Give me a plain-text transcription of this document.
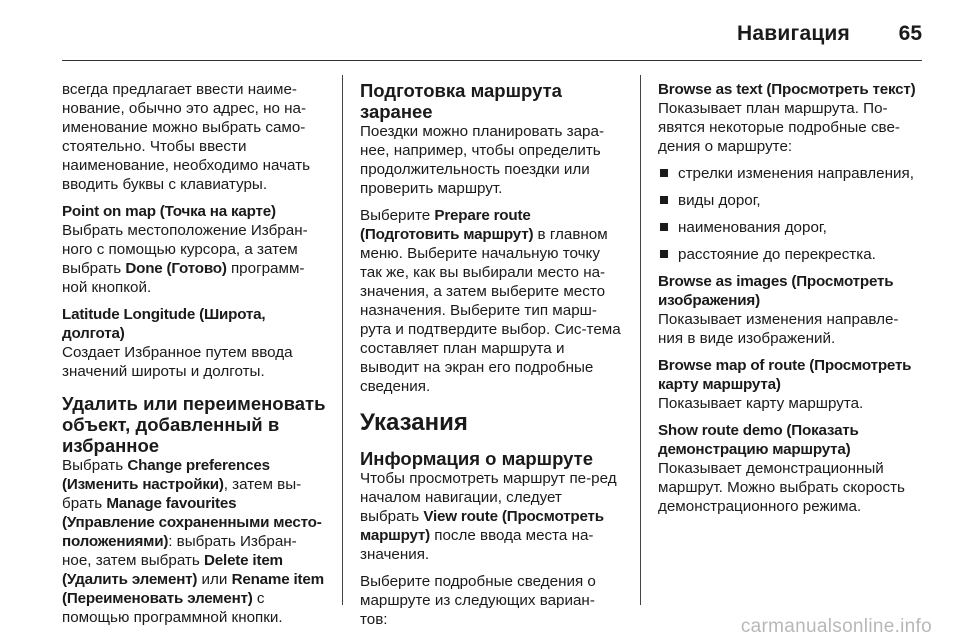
Навигация 65

всегда предлагает ввести наиме-нование, обычно это адрес, но на-именование можно выбрать само-стоятельно. Чтобы ввести наименование, необходимо начать вводить буквы с клавиатуры.

Point on map (Точка на карте)

Выбрать местоположение Избран-ного с помощью курсора, а затем выбрать Done (Готово) программ-ной кнопкой.

Latitude Longitude (Широта, долгота)

Создает Избранное путем ввода значений широты и долготы.

Удалить или переименовать объект, добавленный в избранное

Выбрать Change preferences (Изменить настройки), затем вы-брать Manage favourites (Управление сохраненными место-положениями): выбрать Избран-ное, затем выбрать Delete item (Удалить элемент) или Rename item (Переименовать элемент) с помощью программной кнопки.

Подготовка маршрута заранее

Поездки можно планировать зара-нее, например, чтобы определить продолжительность поездки или проверить маршрут.

Выберите Prepare route (Подготовить маршрут) в главном меню. Выберите начальную точку так же, как вы выбирали место на-значения, а затем выберите место назначения. Выберите тип марш-рута и подтвердите выбор. Сис-тема составляет план маршрута и выводит на экран его подробные сведения.

Указания
Информация о маршруте

Чтобы просмотреть маршрут пе-ред началом навигации, следует выбрать View route (Просмотреть маршрут) после ввода места на-значения.

Выберите подробные сведения о маршруте из следующих вариан-тов:

Browse as text (Просмотреть текст)

Показывает план маршрута. По-явятся некоторые подробные све-дения о маршруте:

стрелки изменения направления,
виды дорог,
наименования дорог,
расстояние до перекрестка.
Browse as images (Просмотреть изображения)

Показывает изменения направле-ния в виде изображений.

Browse map of route (Просмотреть карту маршрута)

Показывает карту маршрута.

Show route demo (Показать демонстрацию маршрута)

Показывает демонстрационный маршрут. Можно выбрать скорость демонстрационного режима.

carmanualsonline.info
